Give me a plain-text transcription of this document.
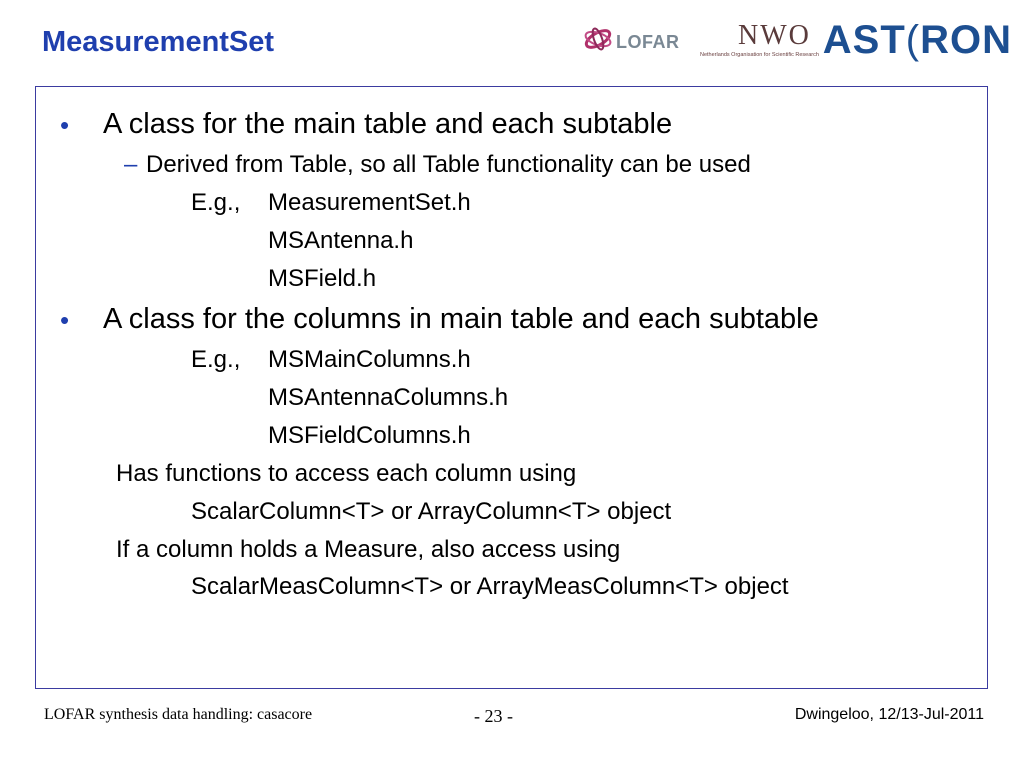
MeasurementSet	LOFAR NWO
Netherlands Organisation for Scientific Research AST(RON
• A class for the main table and each subtable
– Derived from Table, so all Table functionality can be used
E.g., MeasurementSet.h
MSAntenna.h
MSField.h
• A class for the columns in main table and each subtable
E.g., MSMainColumns.h
MSAntennaColumns.h
MSFieldColumns.h
Has functions to access each column using
ScalarColumn<T> or ArrayColumn<T> object
If a column holds a Measure, also access using
ScalarMeasColumn<T> or ArrayMeasColumn<T> object
LOFAR synthesis data handling: casacore	- 23 -	Dwingeloo, 12/13-Jul-2011
